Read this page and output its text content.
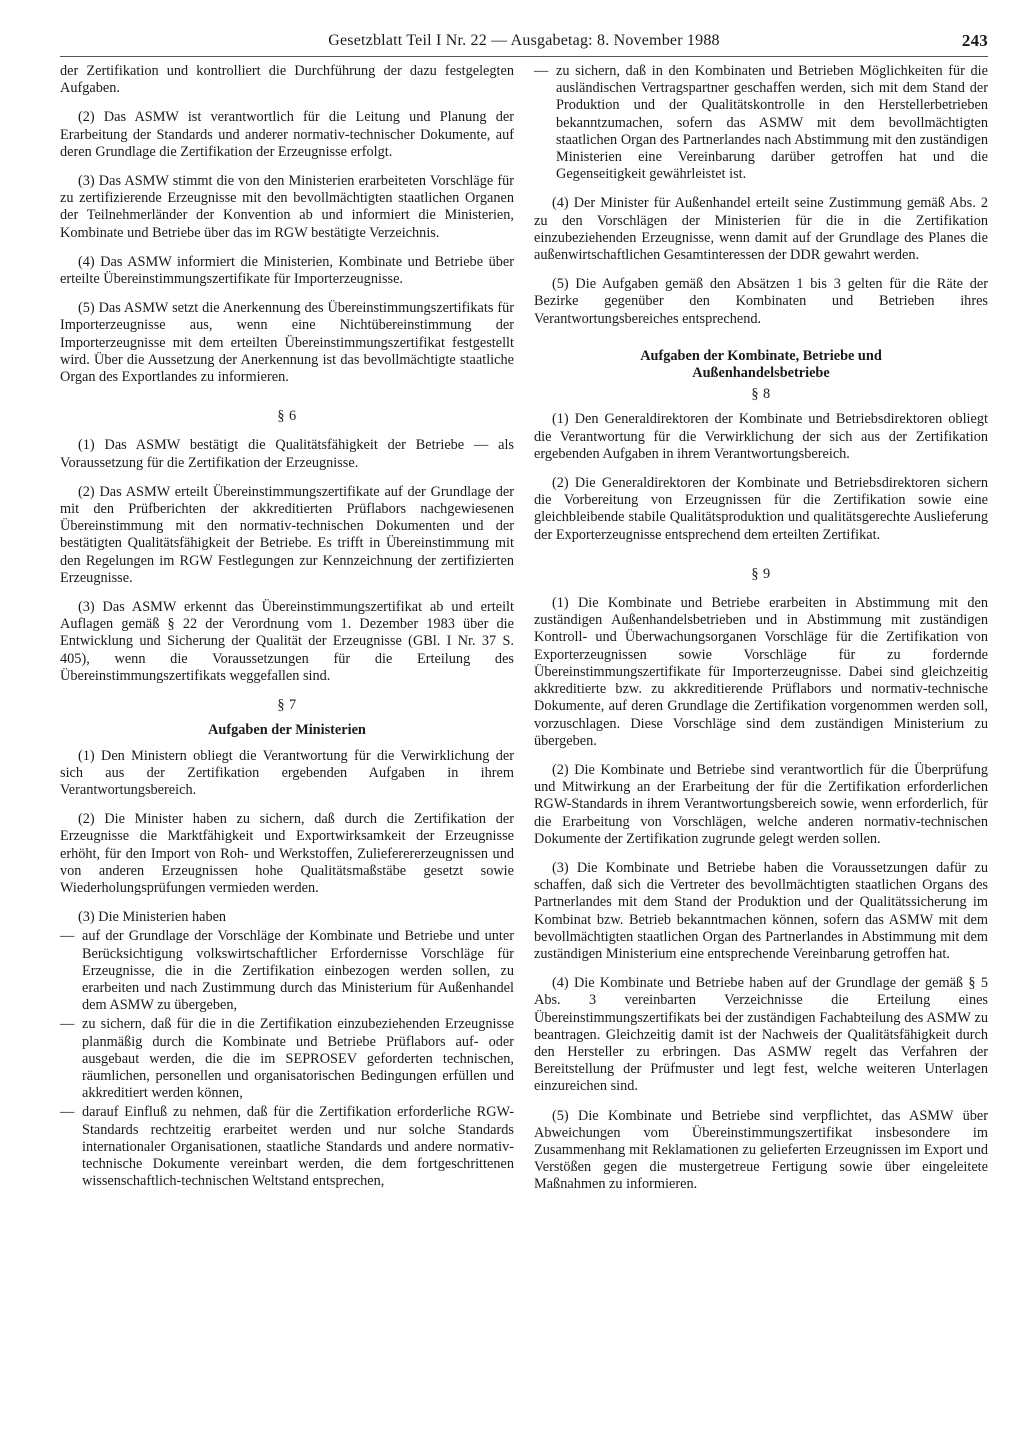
Gesetzblatt Teil I Nr. 22 — Ausgabetag: 8. November 1988	243

der Zertifikation und kontrolliert die Durchführung der dazu festgelegten Aufgaben.

(2) Das ASMW ist verantwortlich für die Leitung und Planung der Erarbeitung der Standards und anderer normativ-technischer Dokumente, auf deren Grundlage die Zertifikation der Erzeugnisse erfolgt.

(3) Das ASMW stimmt die von den Ministerien erarbeiteten Vorschläge für zu zertifizierende Erzeugnisse mit den bevollmächtigten staatlichen Organen der Teilnehmerländer der Konvention ab und informiert die Ministerien, Kombinate und Betriebe über das im RGW bestätigte Verzeichnis.

(4) Das ASMW informiert die Ministerien, Kombinate und Betriebe über erteilte Übereinstimmungszertifikate für Importerzeugnisse.

(5) Das ASMW setzt die Anerkennung des Übereinstimmungszertifikats für Importerzeugnisse aus, wenn eine Nichtübereinstimmung der Importerzeugnisse mit dem erteilten Übereinstimmungszertifikat festgestellt wird. Über die Aussetzung der Anerkennung ist das bevollmächtigte staatliche Organ des Exportlandes zu informieren.

§ 6

(1) Das ASMW bestätigt die Qualitätsfähigkeit der Betriebe — als Voraussetzung für die Zertifikation der Erzeugnisse.

(2) Das ASMW erteilt Übereinstimmungszertifikate auf der Grundlage der mit den Prüfberichten der akkreditierten Prüflabors nachgewiesenen Übereinstimmung mit den normativ-technischen Dokumenten und der bestätigten Qualitätsfähigkeit der Betriebe. Es trifft in Übereinstimmung mit den Regelungen im RGW Festlegungen zur Kennzeichnung der zertifizierten Erzeugnisse.

(3) Das ASMW erkennt das Übereinstimmungszertifikat ab und erteilt Auflagen gemäß § 22 der Verordnung vom 1. Dezember 1983 über die Entwicklung und Sicherung der Qualität der Erzeugnisse (GBl. I Nr. 37 S. 405), wenn die Voraussetzungen für die Erteilung des Übereinstimmungszertifikats weggefallen sind.

§ 7
Aufgaben der Ministerien

(1) Den Ministern obliegt die Verantwortung für die Verwirklichung der sich aus der Zertifikation ergebenden Aufgaben in ihrem Verantwortungsbereich.

(2) Die Minister haben zu sichern, daß durch die Zertifikation der Erzeugnisse die Marktfähigkeit und Exportwirksamkeit der Erzeugnisse erhöht, für den Import von Roh- und Werkstoffen, Zulieferererzeugnissen und von anderen Erzeugnissen hohe Qualitätsmaßstäbe gesetzt sowie Wiederholungsprüfungen vermieden werden.

(3) Die Ministerien haben

— auf der Grundlage der Vorschläge der Kombinate und Betriebe und unter Berücksichtigung volkswirtschaftlicher Erfordernisse Vorschläge für Erzeugnisse, die in die Zertifikation einbezogen werden sollen, zu erarbeiten und nach Zustimmung durch das Ministerium für Außenhandel dem ASMW zu übergeben,
— zu sichern, daß für die in die Zertifikation einzubeziehenden Erzeugnisse planmäßig durch die Kombinate und Betriebe Prüflabors auf- oder ausgebaut werden, die die im SEPROSEV geforderten technischen, räumlichen, personellen und organisatorischen Bedingungen erfüllen und akkreditiert werden können,
— darauf Einfluß zu nehmen, daß für die Zertifikation erforderliche RGW-Standards rechtzeitig erarbeitet werden und nur solche Standards internationaler Organisationen, staatliche Standards und andere normativ-technische Dokumente vereinbart werden, die dem fortgeschrittenen wissenschaftlich-technischen Weltstand entsprechen,
— zu sichern, daß in den Kombinaten und Betrieben Möglichkeiten für die ausländischen Vertragspartner geschaffen werden, sich mit dem Stand der Produktion und der Qualitätskontrolle in den Herstellerbetrieben bekanntzumachen, sofern das ASMW mit dem bevollmächtigten staatlichen Organ des Partnerlandes nach Abstimmung mit den zuständigen Ministerien eine Vereinbarung darüber getroffen hat und die Gegenseitigkeit gewährleistet ist.

(4) Der Minister für Außenhandel erteilt seine Zustimmung gemäß Abs. 2 zu den Vorschlägen der Ministerien für die in die Zertifikation einzubeziehenden Erzeugnisse, wenn damit auf der Grundlage des Planes die außenwirtschaftlichen Gesamtinteressen der DDR gewahrt werden.

(5) Die Aufgaben gemäß den Absätzen 1 bis 3 gelten für die Räte der Bezirke gegenüber den Kombinaten und Betrieben ihres Verantwortungsbereiches entsprechend.

Aufgaben der Kombinate, Betriebe und
Außenhandelsbetriebe
§ 8

(1) Den Generaldirektoren der Kombinate und Betriebsdirektoren obliegt die Verantwortung für die Verwirklichung der sich aus der Zertifikation ergebenden Aufgaben in ihrem Verantwortungsbereich.

(2) Die Generaldirektoren der Kombinate und Betriebsdirektoren sichern die Vorbereitung von Erzeugnissen für die Zertifikation sowie eine gleichbleibende stabile Qualitätsproduktion und qualitätsgerechte Auslieferung der Exporterzeugnisse entsprechend dem erteilten Zertifikat.

§ 9

(1) Die Kombinate und Betriebe erarbeiten in Abstimmung mit den zuständigen Außenhandelsbetrieben und in Abstimmung mit zuständigen Kontroll- und Überwachungsorganen Vorschläge für die Zertifikation von Exporterzeugnissen sowie Vorschläge für zu fordernde Übereinstimmungszertifikate für Importerzeugnisse. Dabei sind gleichzeitig akkreditierte bzw. zu akkreditierende Prüflabors und normativ-technische Dokumente, auf deren Grundlage die Zertifikation vorgenommen werden soll, vorzuschlagen. Diese Vorschläge sind dem zuständigen Ministerium zu übergeben.

(2) Die Kombinate und Betriebe sind verantwortlich für die Überprüfung und Mitwirkung an der Erarbeitung der für die Zertifikation erforderlichen RGW-Standards in ihrem Verantwortungsbereich sowie, wenn erforderlich, für die Erarbeitung von Vorschlägen, welche anderen normativ-technischen Dokumente der Zertifikation zugrunde gelegt werden sollen.

(3) Die Kombinate und Betriebe haben die Voraussetzungen dafür zu schaffen, daß sich die Vertreter des bevollmächtigten staatlichen Organs des Partnerlandes mit dem Stand der Produktion und der Qualitätssicherung im Kombinat bzw. Betrieb bekanntmachen können, sofern das ASMW mit dem bevollmächtigten staatlichen Organ des Partnerlandes in Abstimmung mit dem zuständigen Ministerium eine entsprechende Vereinbarung getroffen hat.

(4) Die Kombinate und Betriebe haben auf der Grundlage der gemäß § 5 Abs. 3 vereinbarten Verzeichnisse die Erteilung eines Übereinstimmungszertifikats bei der zuständigen Fachabteilung des ASMW zu beantragen. Gleichzeitig damit ist der Nachweis der Qualitätsfähigkeit durch den Hersteller zu erbringen. Das ASMW regelt das Verfahren der Bereitstellung der Prüfmuster und legt fest, welche weiteren Unterlagen einzureichen sind.

(5) Die Kombinate und Betriebe sind verpflichtet, das ASMW über Abweichungen vom Übereinstimmungszertifikat insbesondere im Zusammenhang mit Reklamationen zu gelieferten Erzeugnissen im Export und Verstößen gegen die mustergetreue Fertigung sowie über eingeleitete Maßnahmen zu informieren.
